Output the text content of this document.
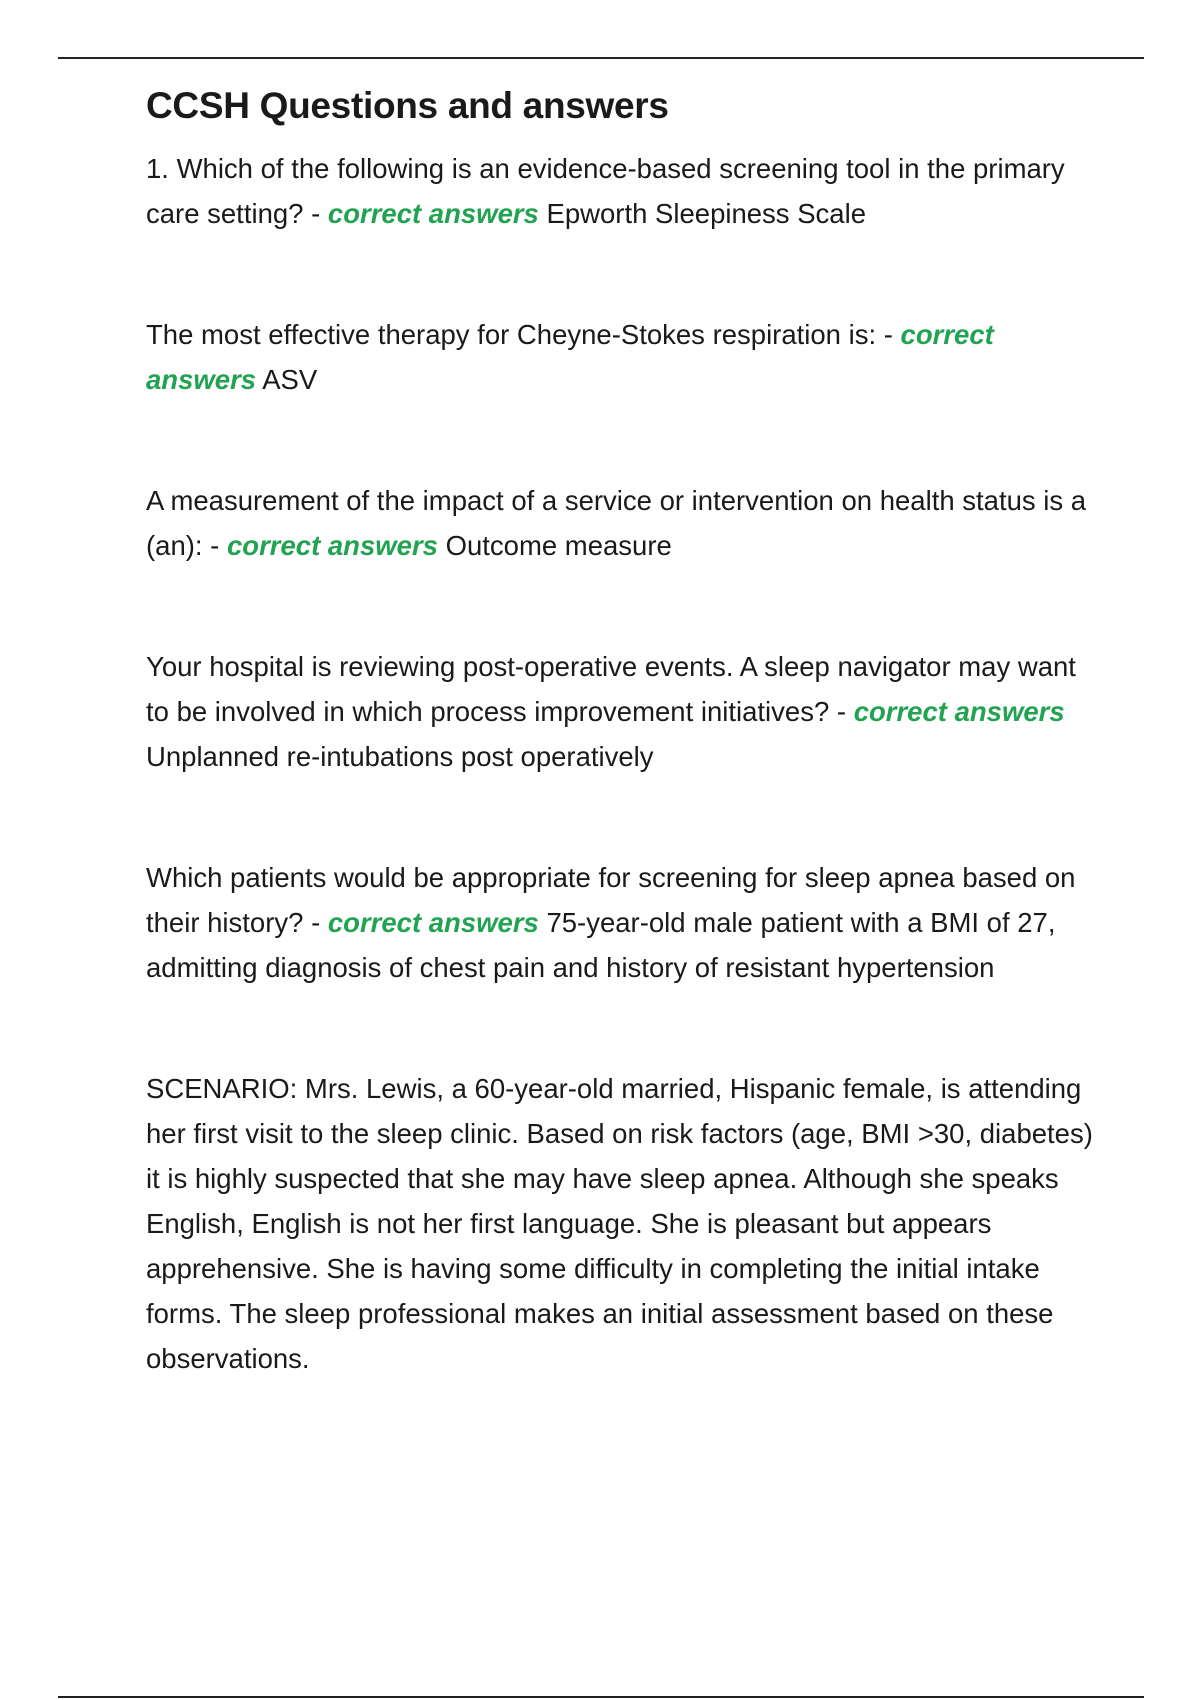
CCSH Questions and answers

1. Which of the following is an evidence-based screening tool in the primary care setting? - correct answers Epworth Sleepiness Scale

The most effective therapy for Cheyne-Stokes respiration is: - correct answers ASV

A measurement of the impact of a service or intervention on health status is a (an): - correct answers Outcome measure

Your hospital is reviewing post-operative events. A sleep navigator may want to be involved in which process improvement initiatives? - correct answers Unplanned re-intubations post operatively

Which patients would be appropriate for screening for sleep apnea based on their history? - correct answers 75-year-old male patient with a BMI of 27, admitting diagnosis of chest pain and history of resistant hypertension

SCENARIO: Mrs. Lewis, a 60-year-old married, Hispanic female, is attending her first visit to the sleep clinic. Based on risk factors (age, BMI >30, diabetes) it is highly suspected that she may have sleep apnea. Although she speaks English, English is not her first language. She is pleasant but appears apprehensive. She is having some difficulty in completing the initial intake forms. The sleep professional makes an initial assessment based on these observations.
